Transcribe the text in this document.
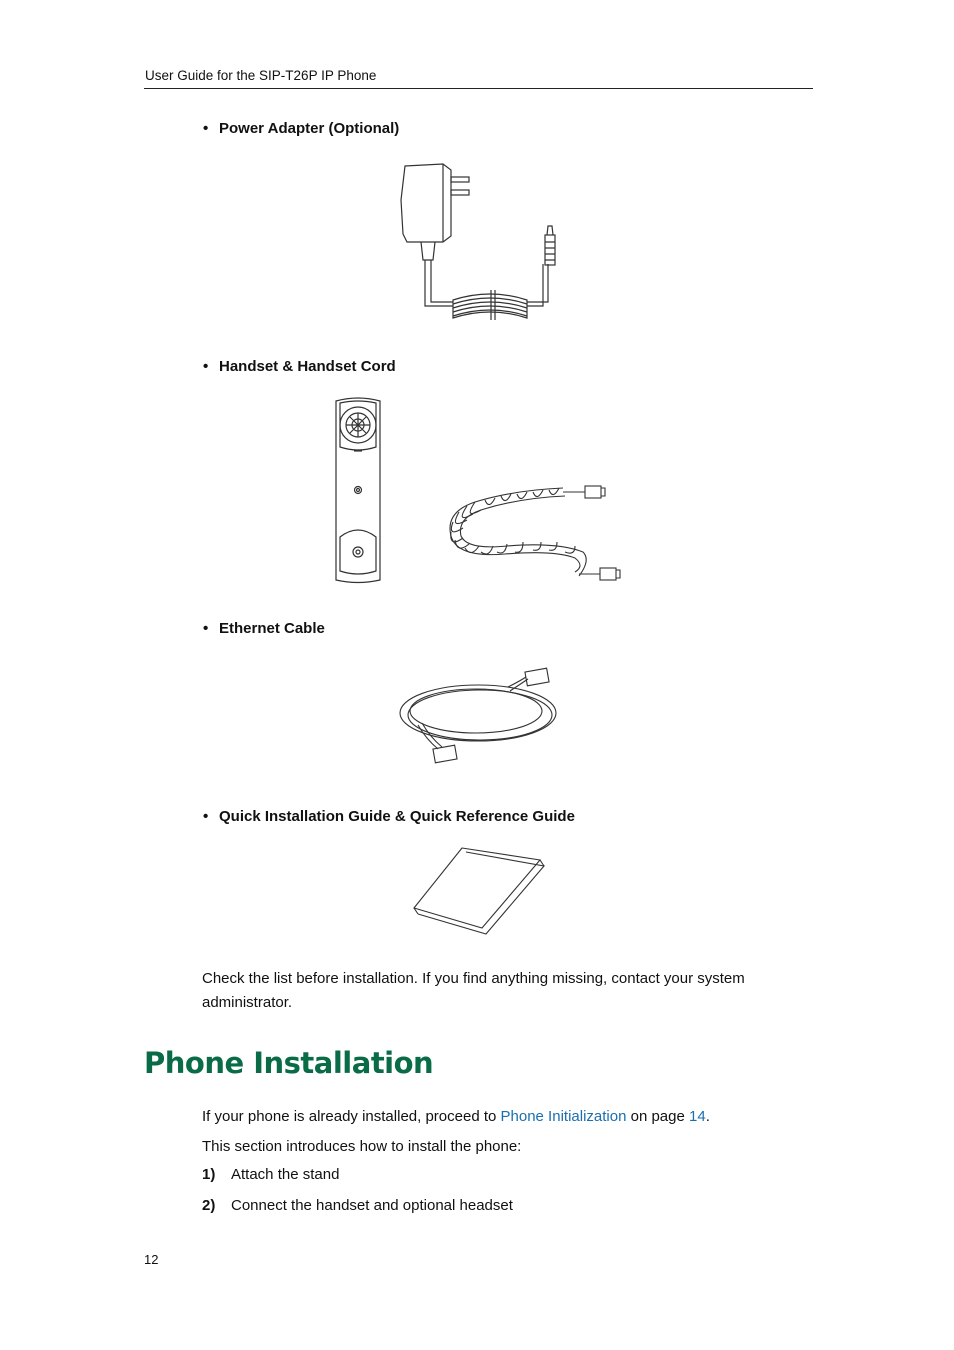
User Guide for the SIP-T26P IP Phone
• Power Adapter (Optional)
• Handset & Handset Cord
• Ethernet Cable
• Quick Installation Guide & Quick Reference Guide
Check the list before installation. If you find anything missing, contact your system
administrator.
Phone Installation
If your phone is already installed, proceed to Phone Initialization on page 14.
This section introduces how to install the phone:
1) Attach the stand
2) Connect the handset and optional headset
12
